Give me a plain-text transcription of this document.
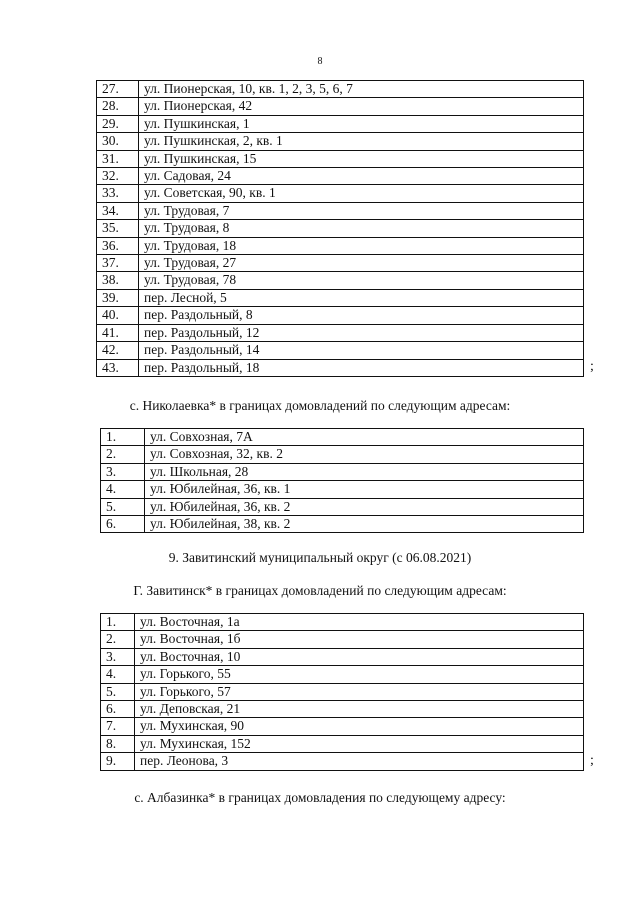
8
27.	ул. Пионерская, 10, кв. 1, 2, 3, 5, 6, 7
28.	ул. Пионерская, 42
29.	ул. Пушкинская, 1
30.	ул. Пушкинская, 2, кв. 1
31.	ул. Пушкинская, 15
32.	ул. Садовая, 24
33.	ул. Советская, 90, кв. 1
34.	ул. Трудовая, 7
35.	ул. Трудовая, 8
36.	ул. Трудовая, 18
37.	ул. Трудовая, 27
38.	ул. Трудовая, 78
39.	пер. Лесной, 5
40.	пер. Раздольный, 8
41.	пер. Раздольный, 12
42.	пер. Раздольный, 14
43.	пер. Раздольный, 18	;
с. Николаевка* в границах домовладений по следующим адресам:
1.	ул. Совхозная, 7А
2.	ул. Совхозная, 32, кв. 2
3.	ул. Школьная, 28
4.	ул. Юбилейная, 36, кв. 1
5.	ул. Юбилейная, 36, кв. 2
6.	ул. Юбилейная, 38, кв. 2
9. Завитинский муниципальный округ (с 06.08.2021)
Г. Завитинск* в границах домовладений по следующим адресам:
1.	ул. Восточная, 1а
2.	ул. Восточная, 1б
3.	ул. Восточная, 10
4.	ул. Горького, 55
5.	ул. Горького, 57
6.	ул. Деповская, 21
7.	ул. Мухинская, 90
8.	ул. Мухинская, 152
9.	пер. Леонова, 3	;
с. Албазинка* в границах домовладения по следующему адресу:
